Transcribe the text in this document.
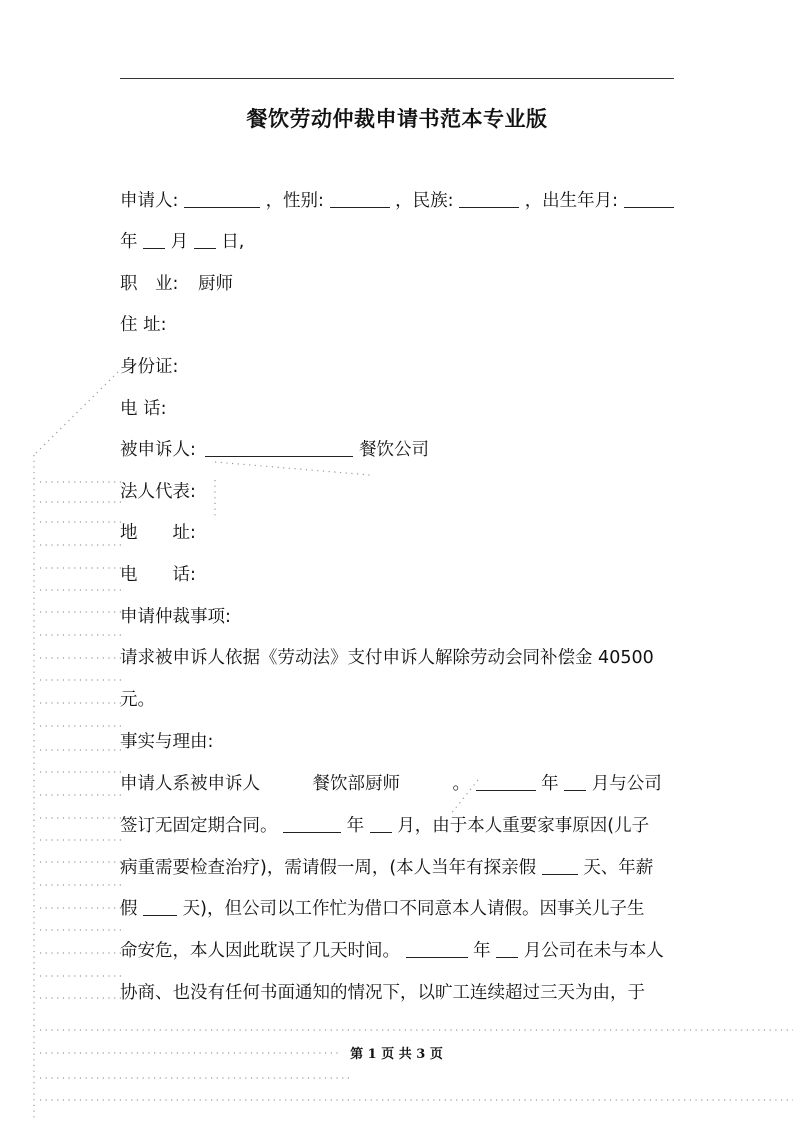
餐饮劳动仲裁申请书范本专业版
申请人:	，性别:	，民族:	，出生年月:
年 月 日,
职　业: 厨师
住 址:
身份证:
电 话:
被申诉人:	餐饮公司
法人代表:
地　　址:
电　　话:
申请仲裁事项:
请求被申诉人依据《劳动法》支付申诉人解除劳动会同补偿金 40500
元。
事实与理由:
申请人系被申诉人　　　餐饮部厨师　　　。	年 月与公司
签订无固定期合同。	年 月，由于本人重要家事原因(儿子
病重需要检查治疗)，需请假一周，(本人当年有探亲假	天、年薪
假	天)，但公司以工作忙为借口不同意本人请假。因事关儿子生
命安危，本人因此耽误了几天时间。	年 月公司在未与本人
协商、也没有任何书面通知的情况下，以旷工连续超过三天为由，于
第 1 页 共 3 页
